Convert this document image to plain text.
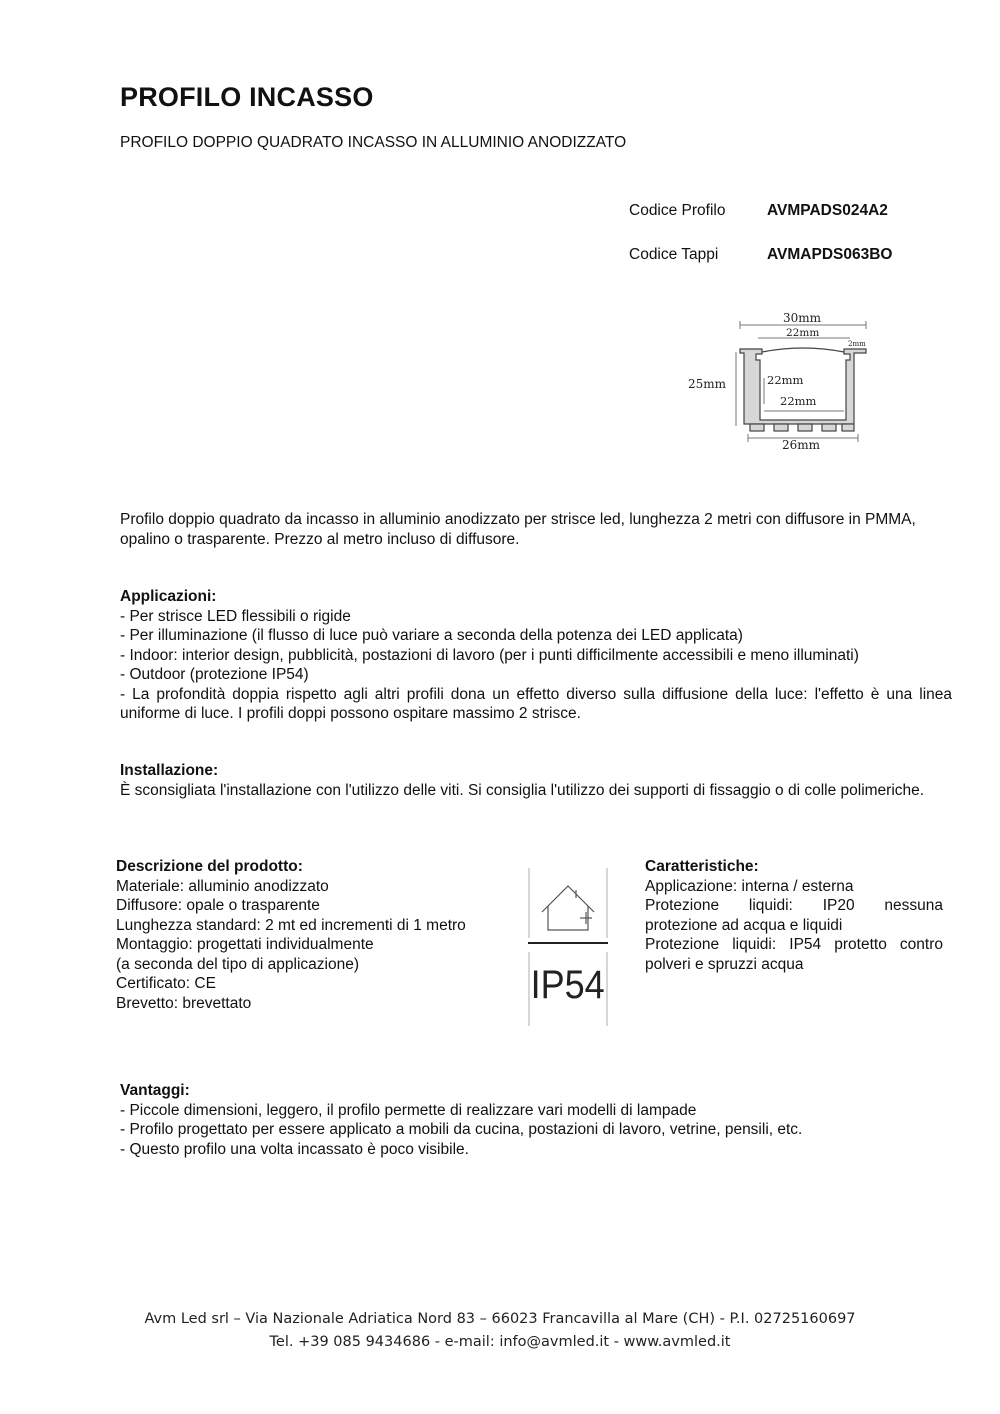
PROFILO INCASSO
PROFILO DOPPIO QUADRATO INCASSO IN ALLUMINIO ANODIZZATO
Codice Profilo	AVMPADS024A2
Codice Tappi	AVMAPDS063BO
30mm
22mm
2mm
25mm	22mm
22mm
26mm
Profilo doppio quadrato da incasso in alluminio anodizzato per strisce led, lunghezza 2 metri con diffusore in PMMA, opalino o trasparente. Prezzo al metro incluso di diffusore.
Applicazioni:
- Per strisce LED flessibili o rigide
- Per illuminazione (il flusso di luce può variare a seconda della potenza dei LED applicata)
- Indoor: interior design, pubblicità, postazioni di lavoro (per i punti difficilmente accessibili e meno illuminati)
- Outdoor (protezione IP54)
- La profondità doppia rispetto agli altri profili dona un effetto diverso sulla diffusione della luce: l'effetto è una linea uniforme di luce. I profili doppi possono ospitare massimo 2 strisce.
Installazione:
È sconsigliata l'installazione con l'utilizzo delle viti. Si consiglia l'utilizzo dei supporti di fissaggio o di colle polimeriche.
Descrizione del prodotto:
Materiale: alluminio anodizzato
Diffusore: opale o trasparente
Lunghezza standard: 2 mt ed incrementi di 1 metro
Montaggio: progettati individualmente
(a seconda del tipo di applicazione)
Certificato: CE
Brevetto: brevettato	IP54
Caratteristiche:
Applicazione: interna / esterna
Protezione liquidi: IP20 nessuna
protezione ad acqua e liquidi
Protezione liquidi: IP54 protetto contro
polveri e spruzzi acqua
Vantaggi:
- Piccole dimensioni, leggero, il profilo permette di realizzare vari modelli di lampade
- Profilo progettato per essere applicato a mobili da cucina, postazioni di lavoro, vetrine, pensili, etc.
- Questo profilo una volta incassato è poco visibile.
Avm Led srl – Via Nazionale Adriatica Nord 83 – 66023 Francavilla al Mare (CH) - P.I. 02725160697
Tel. +39 085 9434686 - e-mail: info@avmled.it - www.avmled.it
